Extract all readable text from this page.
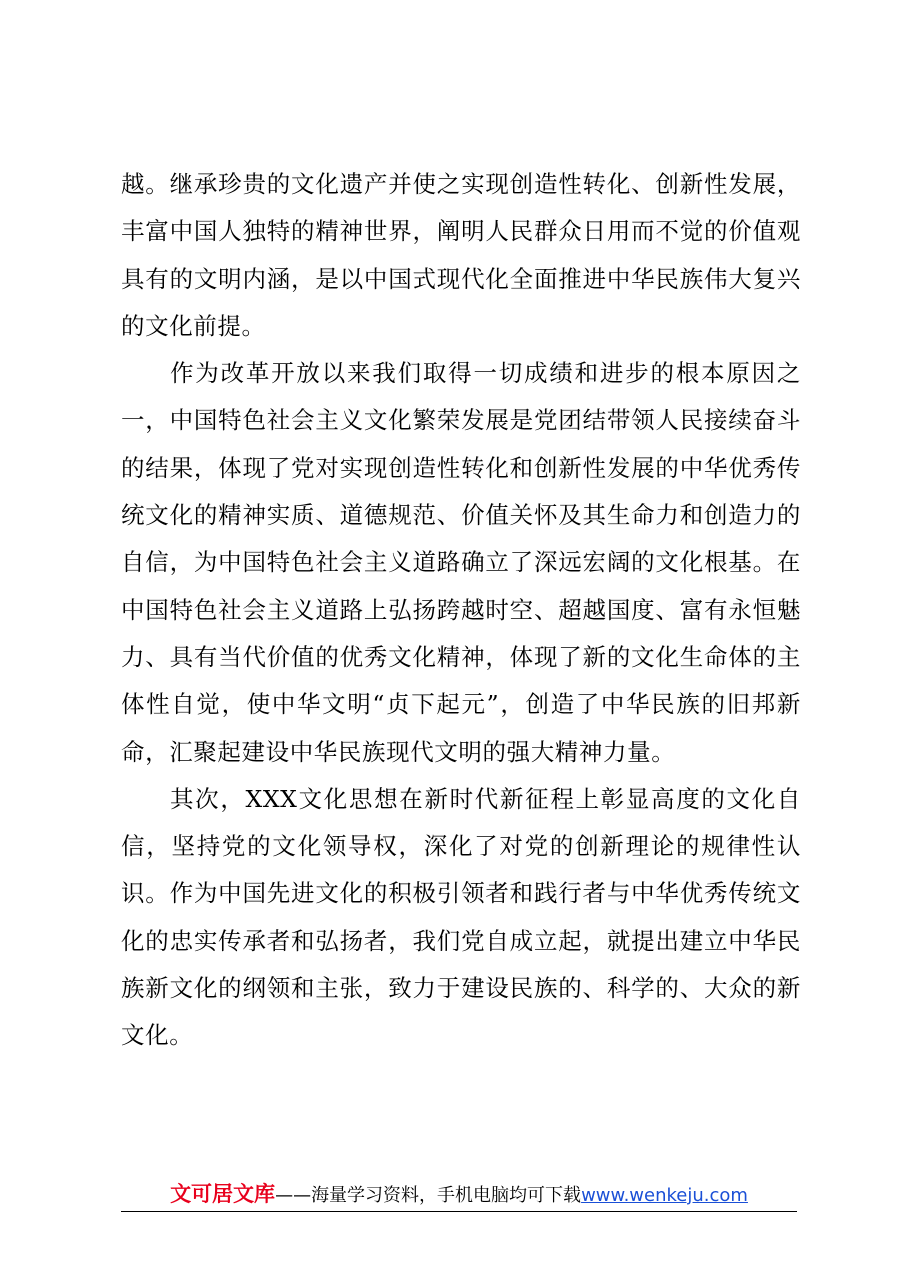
越。继承珍贵的文化遗产并使之实现创造性转化、创新性发展，丰富中国人独特的精神世界，阐明人民群众日用而不觉的价值观具有的文明内涵，是以中国式现代化全面推进中华民族伟大复兴的文化前提。

作为改革开放以来我们取得一切成绩和进步的根本原因之一，中国特色社会主义文化繁荣发展是党团结带领人民接续奋斗的结果，体现了党对实现创造性转化和创新性发展的中华优秀传统文化的精神实质、道德规范、价值关怀及其生命力和创造力的自信，为中国特色社会主义道路确立了深远宏阔的文化根基。在中国特色社会主义道路上弘扬跨越时空、超越国度、富有永恒魅力、具有当代价值的优秀文化精神，体现了新的文化生命体的主体性自觉，使中华文明“贞下起元”，创造了中华民族的旧邦新命，汇聚起建设中华民族现代文明的强大精神力量。

其次，XXX文化思想在新时代新征程上彰显高度的文化自信，坚持党的文化领导权，深化了对党的创新理论的规律性认识。作为中国先进文化的积极引领者和践行者与中华优秀传统文化的忠实传承者和弘扬者，我们党自成立起，就提出建立中华民族新文化的纲领和主张，致力于建设民族的、科学的、大众的新文化。

文可居文库——海量学习资料，手机电脑均可下载www.wenkeju.com
